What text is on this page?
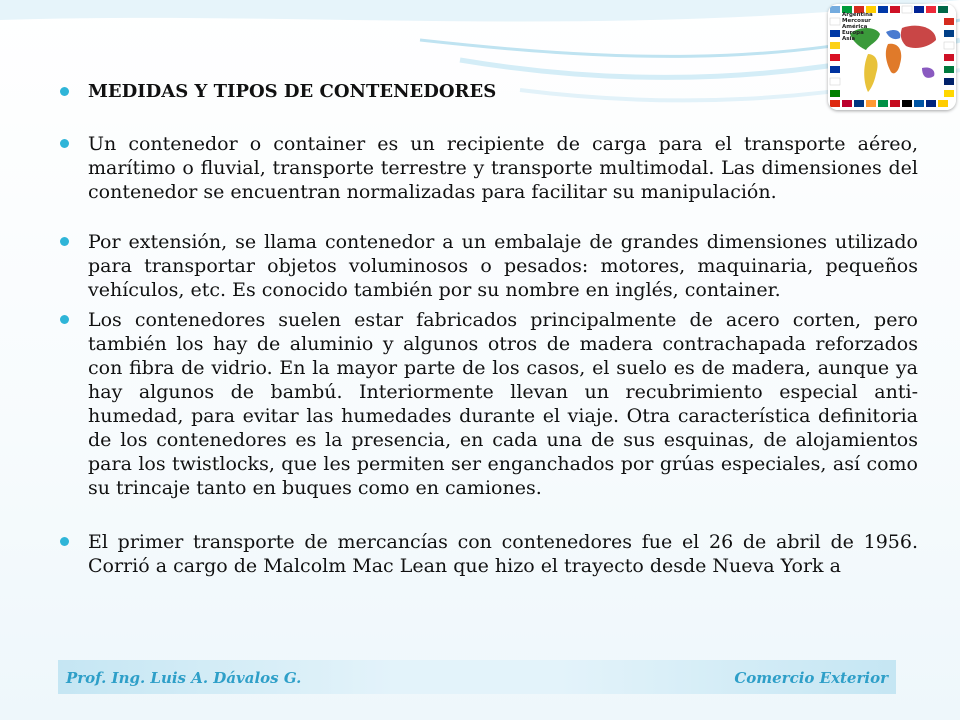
Argentina
Mercosur
América
Europa
Asia

MEDIDAS Y TIPOS DE CONTENEDORES

Un contenedor o container es un recipiente de carga para el transporte aéreo, marítimo o fluvial, transporte terrestre y transporte multimodal. Las dimensiones del contenedor se encuentran normalizadas para facilitar su manipulación.

Por extensión, se llama contenedor a un embalaje de grandes dimensiones utilizado para transportar objetos voluminosos o pesados: motores, maquinaria, pequeños vehículos, etc. Es conocido también por su nombre en inglés, container.

Los contenedores suelen estar fabricados principalmente de acero corten, pero también los hay de aluminio y algunos otros de madera contrachapada reforzados con fibra de vidrio. En la mayor parte de los casos, el suelo es de madera, aunque ya hay algunos de bambú. Interiormente llevan un recubrimiento especial anti-humedad, para evitar las humedades durante el viaje. Otra característica definitoria de los contenedores es la presencia, en cada una de sus esquinas, de alojamientos para los twistlocks, que les permiten ser enganchados por grúas especiales, así como su trincaje tanto en buques como en camiones.

El primer transporte de mercancías con contenedores fue el 26 de abril de 1956. Corrió a cargo de Malcolm Mac Lean que hizo el trayecto desde Nueva York a

Prof. Ing. Luis A. Dávalos G.	Comercio Exterior
